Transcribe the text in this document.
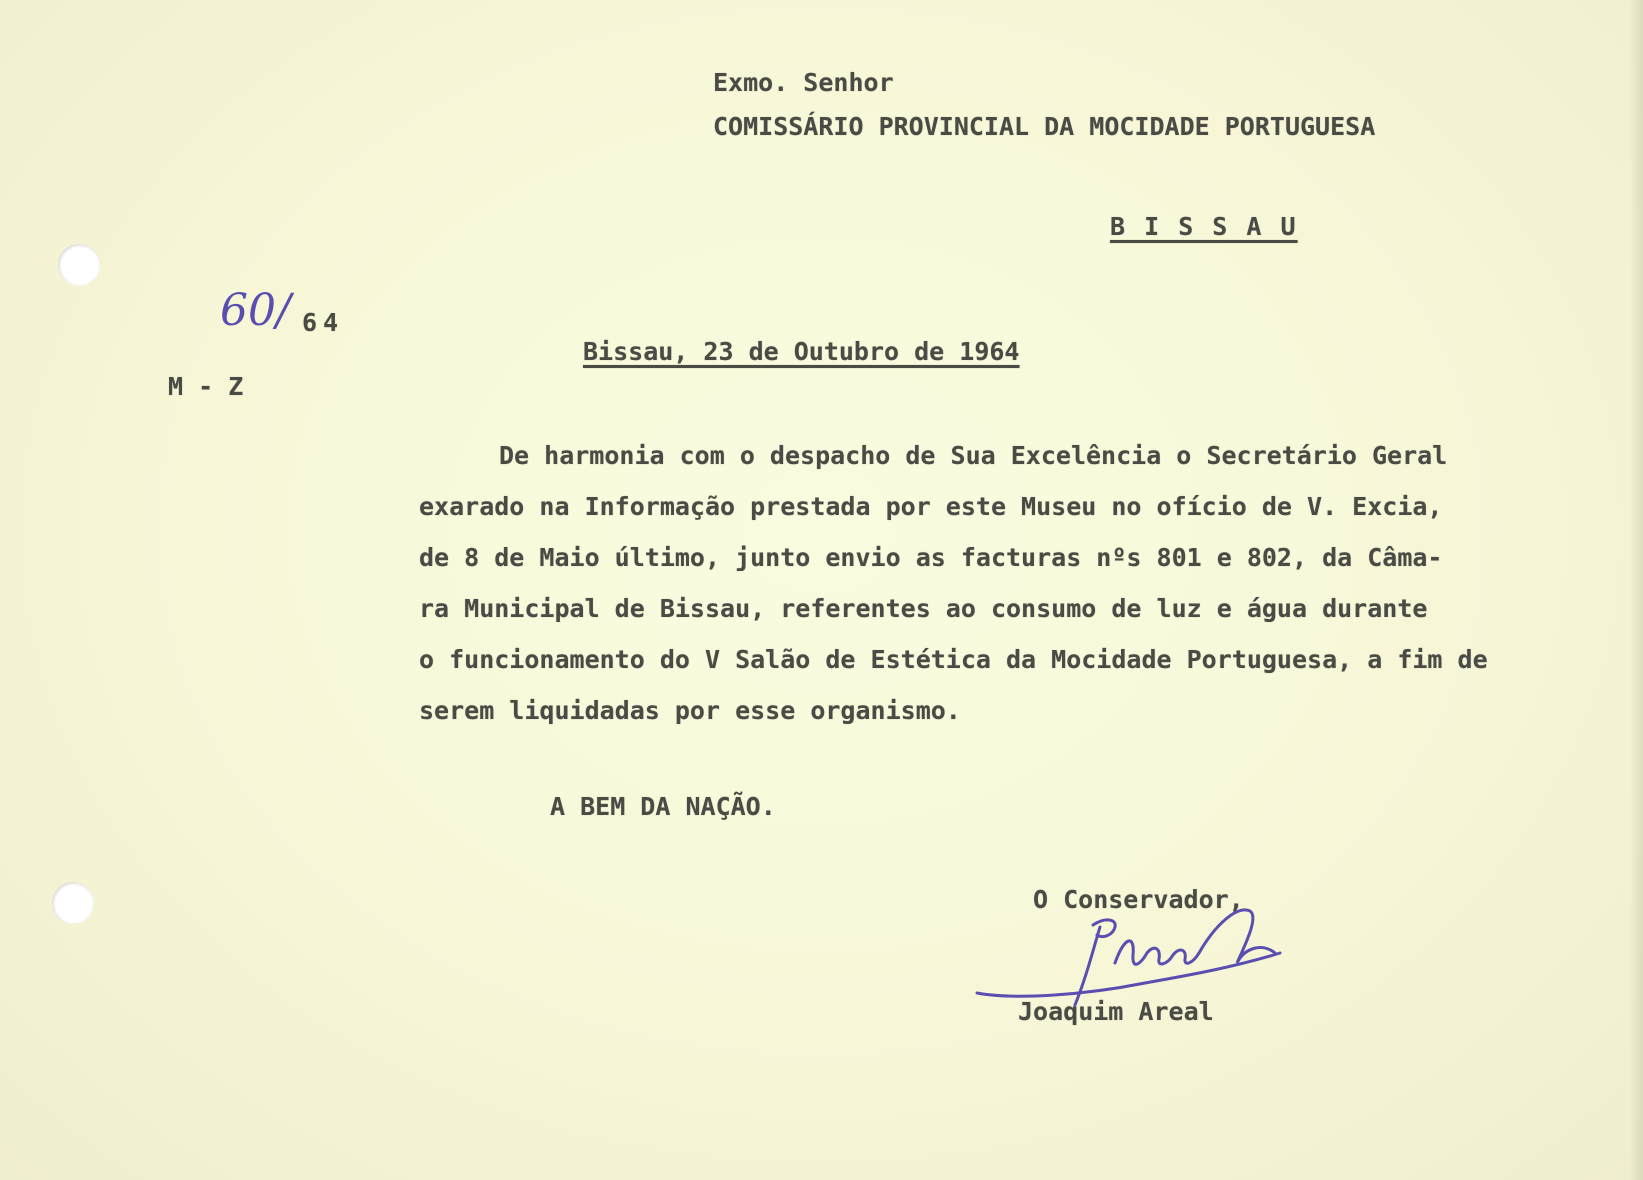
Exmo. Senhor
COMISSÁRIO PROVINCIAL DA MOCIDADE PORTUGUESA
B I S S A U
60/ 64
M - Z
Bissau, 23 de Outubro de 1964
De harmonia com o despacho de Sua Excelência o Secretário Geral
exarado na Informação prestada por este Museu no ofício de V. Excia,
de 8 de Maio último, junto envio as facturas nºs 801 e 802, da Câma-
ra Municipal de Bissau, referentes ao consumo de luz e água durante
o funcionamento do V Salão de Estética da Mocidade Portuguesa, a fim de
serem liquidadas por esse organismo.
A BEM DA NAÇÃO.
O Conservador,
Joaquim Areal
